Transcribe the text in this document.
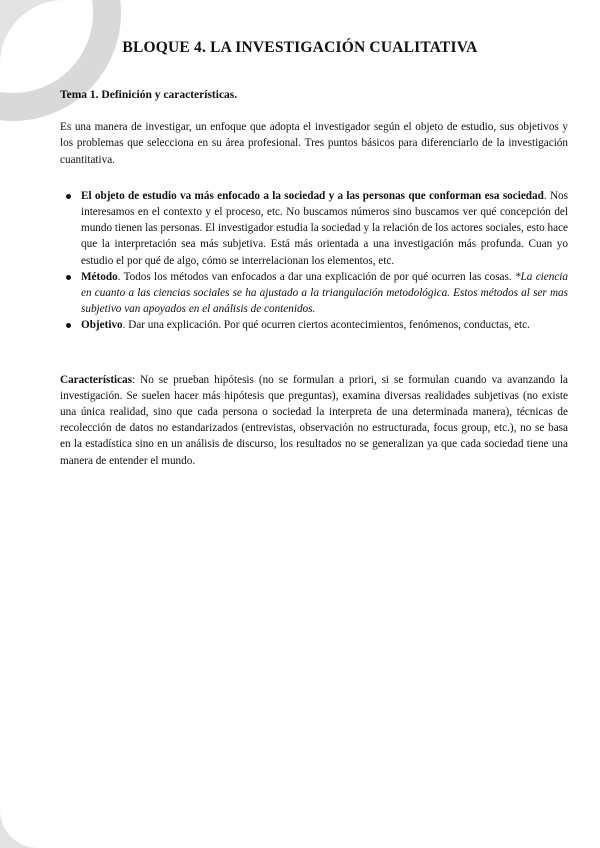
BLOQUE 4. LA INVESTIGACIÓN CUALITATIVA
Tema 1. Definición y características.

Es una manera de investigar, un enfoque que adopta el investigador según el objeto de estudio, sus objetivos y los problemas que selecciona en su área profesional. Tres puntos básicos para diferenciarlo de la investigación cuantitativa.

El objeto de estudio va más enfocado a la sociedad y a las personas que conforman esa sociedad. Nos interesamos en el contexto y el proceso, etc. No buscamos números sino buscamos ver qué concepción del mundo tienen las personas. El investigador estudia la sociedad y la relación de los actores sociales, esto hace que la interpretación sea más subjetiva. Está más orientada a una investigación más profunda. Cuan yo estudio el por qué de algo, cómo se interrelacionan los elementos, etc.
Método. Todos los métodos van enfocados a dar una explicación de por qué ocurren las cosas. *La ciencia en cuanto a las ciencias sociales se ha ajustado a la triangulación metodológica. Estos métodos al ser mas subjetivo van apoyados en el análisis de contenidos.
Objetivo. Dar una explicación. Por qué ocurren ciertos acontecimientos, fenómenos, conductas, etc.

Características: No se prueban hipótesis (no se formulan a priori, si se formulan cuando va avanzando la investigación. Se suelen hacer más hipótesis que preguntas), examina diversas realidades subjetivas (no existe una única realidad, sino que cada persona o sociedad la interpreta de una determinada manera), técnicas de recolección de datos no estandarizados (entrevistas, observación no estructurada, focus group, etc.), no se basa en la estadística sino en un análisis de discurso, los resultados no se generalizan ya que cada sociedad tiene una manera de entender el mundo.
